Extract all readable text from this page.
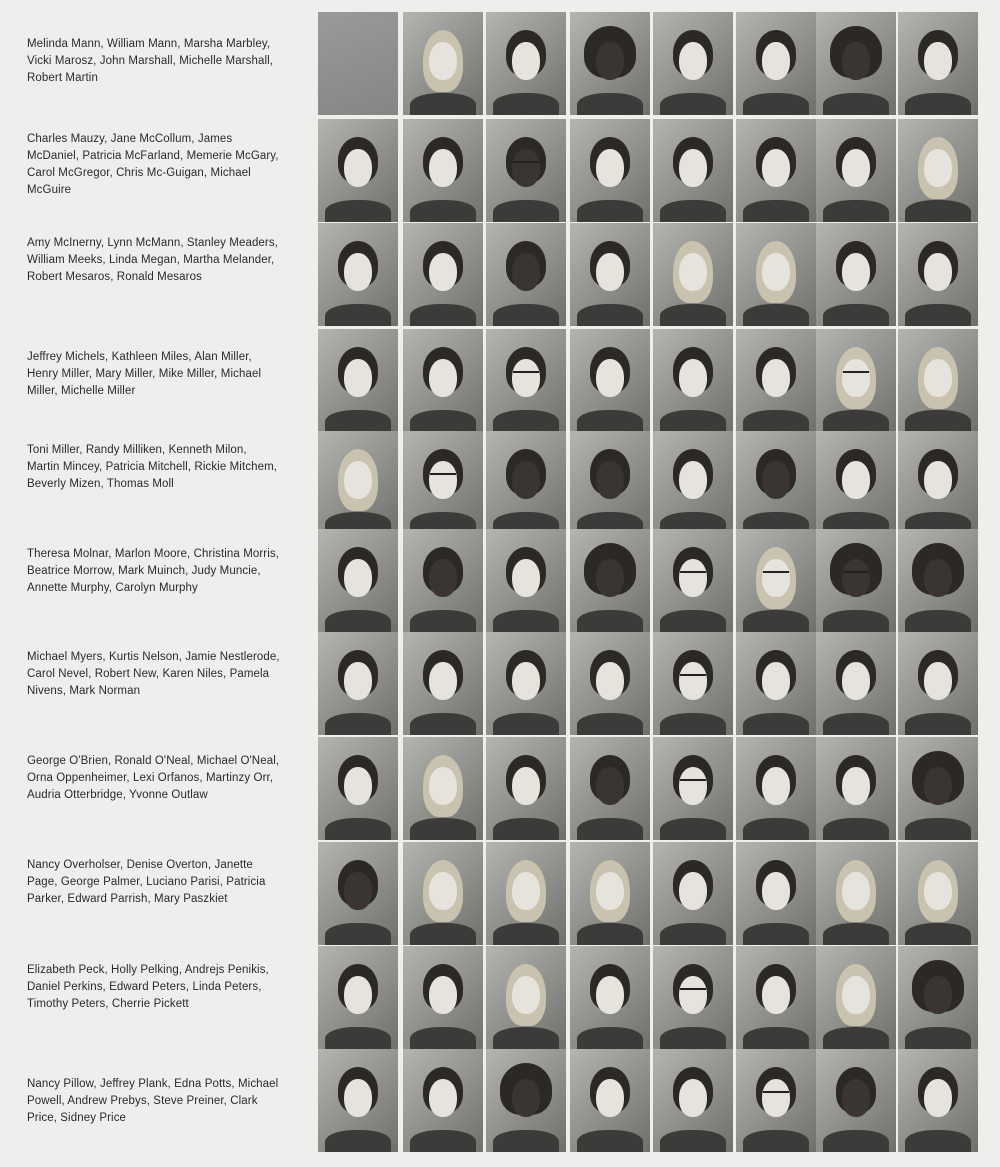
Melinda Mann, William Mann, Marsha Marbley, Vicki Marosz, John Marshall, Michelle Marshall, Robert Martin
Charles Mauzy, Jane McCollum, James McDaniel, Patricia McFarland, Memerie McGary, Carol McGregor, Chris Mc-Guigan, Michael McGuire
Amy McInerny, Lynn McMann, Stanley Meaders, William Meeks, Linda Megan, Martha Melander, Robert Mesaros, Ronald Mesaros
Jeffrey Michels, Kathleen Miles, Alan Miller, Henry Miller, Mary Miller, Mike Miller, Michael Miller, Michelle Miller
Toni Miller, Randy Milliken, Kenneth Milon, Martin Mincey, Patricia Mitchell, Rickie Mitchem, Beverly Mizen, Thomas Moll
Theresa Molnar, Marlon Moore, Christina Morris, Beatrice Morrow, Mark Muinch, Judy Muncie, Annette Murphy, Carolyn Murphy
Michael Myers, Kurtis Nelson, Jamie Nestlerode, Carol Nevel, Robert New, Karen Niles, Pamela Nivens, Mark Norman
George O'Brien, Ronald O'Neal, Michael O'Neal, Orna Oppenheimer, Lexi Orfanos, Martinzy Orr, Audria Otterbridge, Yvonne Outlaw
Nancy Overholser, Denise Overton, Janette Page, George Palmer, Luciano Parisi, Patricia Parker, Edward Parrish, Mary Paszkiet
Elizabeth Peck, Holly Pelking, Andrejs Penikis, Daniel Perkins, Edward Peters, Linda Peters, Timothy Peters, Cherrie Pickett
Nancy Pillow, Jeffrey Plank, Edna Potts, Michael Powell, Andrew Prebys, Steve Preiner, Clark Price, Sidney Price
